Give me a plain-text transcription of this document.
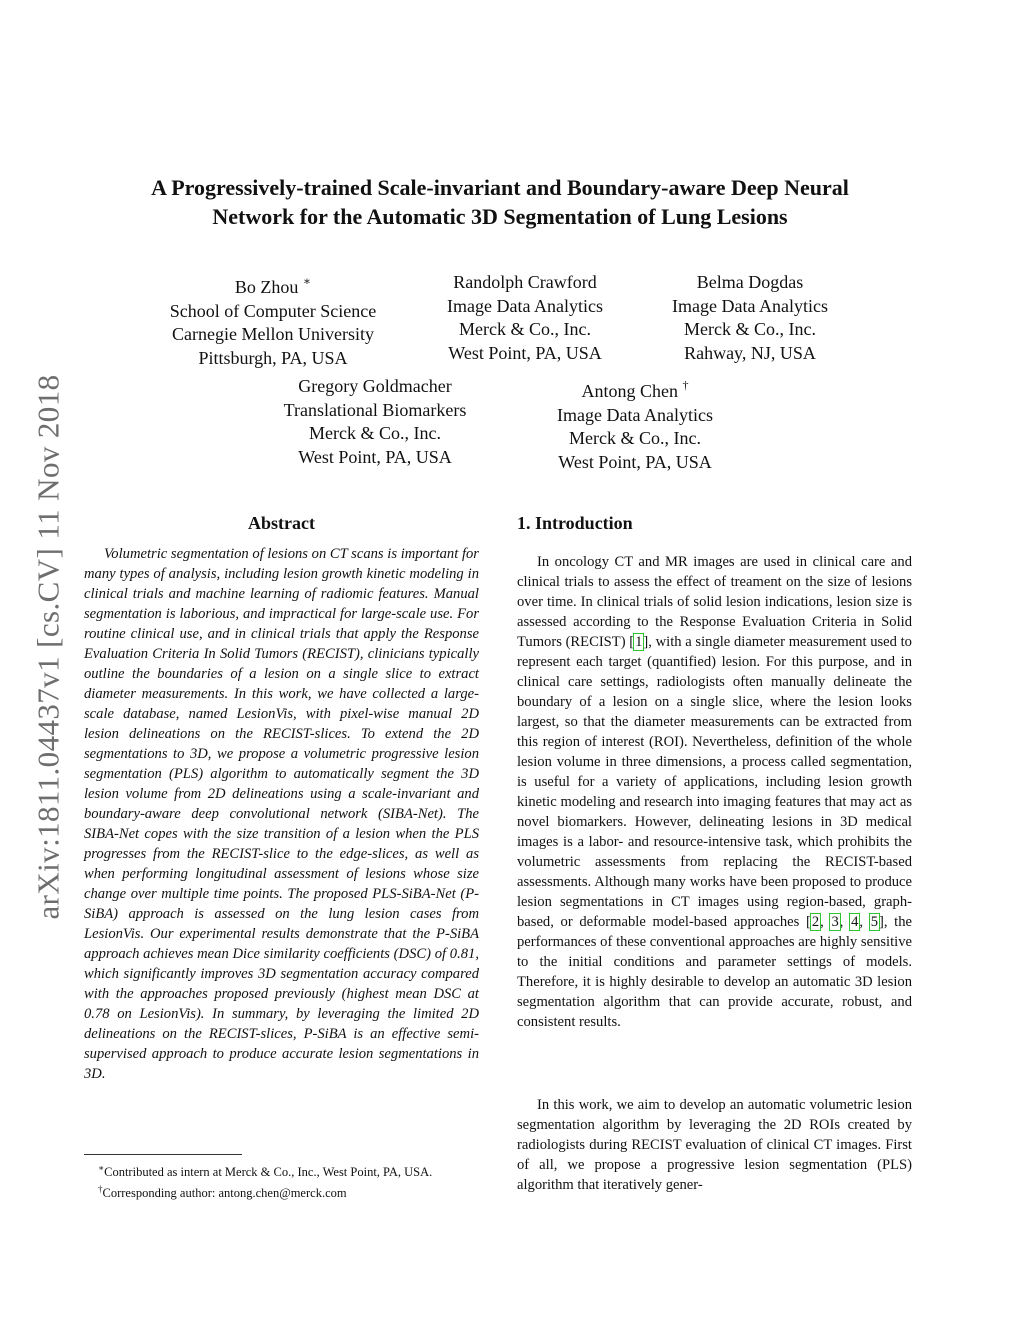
arXiv:1811.04437v1 [cs.CV] 11 Nov 2018
A Progressively-trained Scale-invariant and Boundary-aware Deep Neural
Network for the Automatic 3D Segmentation of Lung Lesions
Bo Zhou ∗
School of Computer Science
Carnegie Mellon University
Pittsburgh, PA, USA
Randolph Crawford
Image Data Analytics
Merck & Co., Inc.
West Point, PA, USA
Belma Dogdas
Image Data Analytics
Merck & Co., Inc.
Rahway, NJ, USA
Gregory Goldmacher
Translational Biomarkers
Merck & Co., Inc.
West Point, PA, USA
Antong Chen †
Image Data Analytics
Merck & Co., Inc.
West Point, PA, USA
Abstract

Volumetric segmentation of lesions on CT scans is important for many types of analysis, including lesion growth kinetic modeling in clinical trials and machine learning of radiomic features. Manual segmentation is laborious, and impractical for large-scale use. For routine clinical use, and in clinical trials that apply the Response Evaluation Criteria In Solid Tumors (RECIST), clinicians typically outline the boundaries of a lesion on a single slice to extract diameter measurements. In this work, we have collected a large-scale database, named LesionVis, with pixel-wise manual 2D lesion delineations on the RECIST-slices. To extend the 2D segmentations to 3D, we propose a volumetric progressive lesion segmentation (PLS) algorithm to automatically segment the 3D lesion volume from 2D delineations using a scale-invariant and boundary-aware deep convolutional network (SIBA-Net). The SIBA-Net copes with the size transition of a lesion when the PLS progresses from the RECIST-slice to the edge-slices, as well as when performing longitudinal assessment of lesions whose size change over multiple time points. The proposed PLS-SiBA-Net (P-SiBA) approach is assessed on the lung lesion cases from LesionVis. Our experimental results demonstrate that the P-SiBA approach achieves mean Dice similarity coefficients (DSC) of 0.81, which significantly improves 3D segmentation accuracy compared with the approaches proposed previously (highest mean DSC at 0.78 on LesionVis). In summary, by leveraging the limited 2D delineations on the RECIST-slices, P-SiBA is an effective semi-supervised approach to produce accurate lesion segmentations in 3D.

1. Introduction

In oncology CT and MR images are used in clinical care and clinical trials to assess the effect of treament on the size of lesions over time. In clinical trials of solid lesion indications, lesion size is assessed according to the Response Evaluation Criteria in Solid Tumors (RECIST) [1], with a single diameter measurement used to represent each target (quantified) lesion. For this purpose, and in clinical care settings, radiologists often manually delineate the boundary of a lesion on a single slice, where the lesion looks largest, so that the diameter measurements can be extracted from this region of interest (ROI). Nevertheless, definition of the whole lesion volume in three dimensions, a process called segmentation, is useful for a variety of applications, including lesion growth kinetic modeling and research into imaging features that may act as novel biomarkers. However, delineating lesions in 3D medical images is a labor- and resource-intensive task, which prohibits the volumetric assessments from replacing the RECIST-based assessments. Although many works have been proposed to produce lesion segmentations in CT images using region-based, graph-based, or deformable model-based approaches [2, 3, 4, 5], the performances of these conventional approaches are highly sensitive to the initial conditions and parameter settings of models. Therefore, it is highly desirable to develop an automatic 3D lesion segmentation algorithm that can provide accurate, robust, and consistent results.

In this work, we aim to develop an automatic volumetric lesion segmentation algorithm by leveraging the 2D ROIs created by radiologists during RECIST evaluation of clinical CT images. First of all, we propose a progressive lesion segmentation (PLS) algorithm that iteratively gener-

∗Contributed as intern at Merck & Co., Inc., West Point, PA, USA.
†Corresponding author: antong.chen@merck.com
